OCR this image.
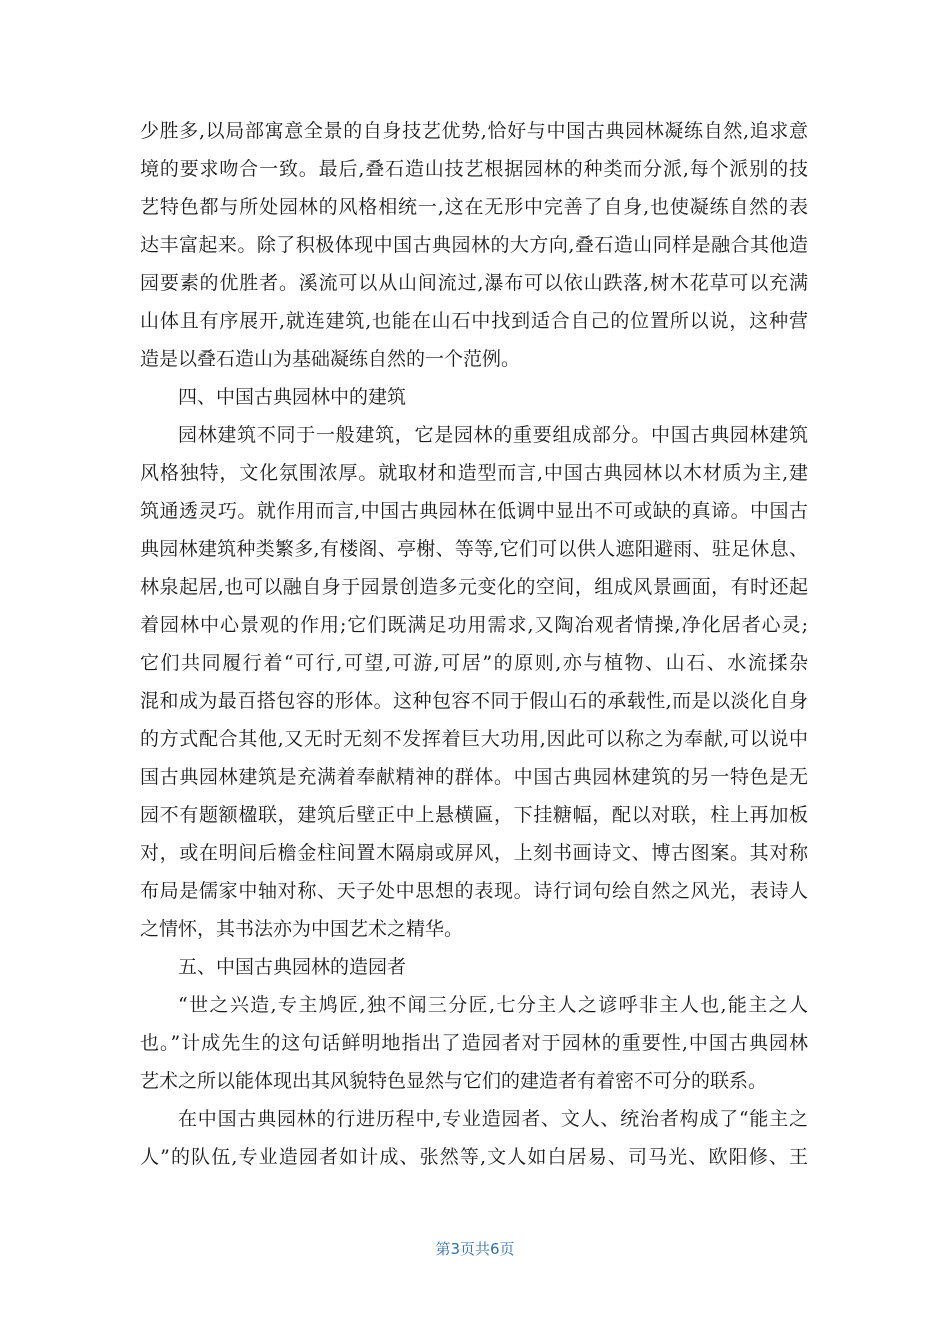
少胜多,以局部寓意全景的自身技艺优势,恰好与中国古典园林凝练自然,追求意
境的要求吻合一致。最后,叠石造山技艺根据园林的种类而分派,每个派别的技
艺特色都与所处园林的风格相统一,这在无形中完善了自身,也使凝练自然的表
达丰富起来。除了积极体现中国古典园林的大方向,叠石造山同样是融合其他造
园要素的优胜者。溪流可以从山间流过,瀑布可以依山跌落,树木花草可以充满
山体且有序展开,就连建筑,也能在山石中找到适合自己的位置所以说，这种营
造是以叠石造山为基础凝练自然的一个范例。
四、中国古典园林中的建筑
园林建筑不同于一般建筑，它是园林的重要组成部分。中国古典园林建筑
风格独特，文化氛围浓厚。就取材和造型而言,中国古典园林以木材质为主,建
筑通透灵巧。就作用而言,中国古典园林在低调中显出不可或缺的真谛。中国古
典园林建筑种类繁多,有楼阁、亭榭、等等,它们可以供人遮阳避雨、驻足休息、
林泉起居,也可以融自身于园景创造多元变化的空间，组成风景画面，有时还起
着园林中心景观的作用;它们既满足功用需求,又陶冶观者情操,净化居者心灵;
它们共同履行着“可行,可望,可游,可居”的原则,亦与植物、山石、水流揉杂
混和成为最百搭包容的形体。这种包容不同于假山石的承载性,而是以淡化自身
的方式配合其他,又无时无刻不发挥着巨大功用,因此可以称之为奉献,可以说中
国古典园林建筑是充满着奉献精神的群体。中国古典园林建筑的另一特色是无
园不有题额楹联，建筑后壁正中上悬横匾，下挂糖幅，配以对联，柱上再加板
对，或在明间后檐金柱间置木隔扇或屏风，上刻书画诗文、博古图案。其对称
布局是儒家中轴对称、天子处中思想的表现。诗行词句绘自然之风光，表诗人
之情怀，其书法亦为中国艺术之精华。
五、中国古典园林的造园者
“世之兴造,专主鸠匠,独不闻三分匠,七分主人之谚呼非主人也,能主之人
也。”计成先生的这句话鲜明地指出了造园者对于园林的重要性,中国古典园林
艺术之所以能体现出其风貌特色显然与它们的建造者有着密不可分的联系。
在中国古典园林的行进历程中,专业造园者、文人、统治者构成了“能主之
人”的队伍,专业造园者如计成、张然等,文人如白居易、司马光、欧阳修、王
第3页共6页
